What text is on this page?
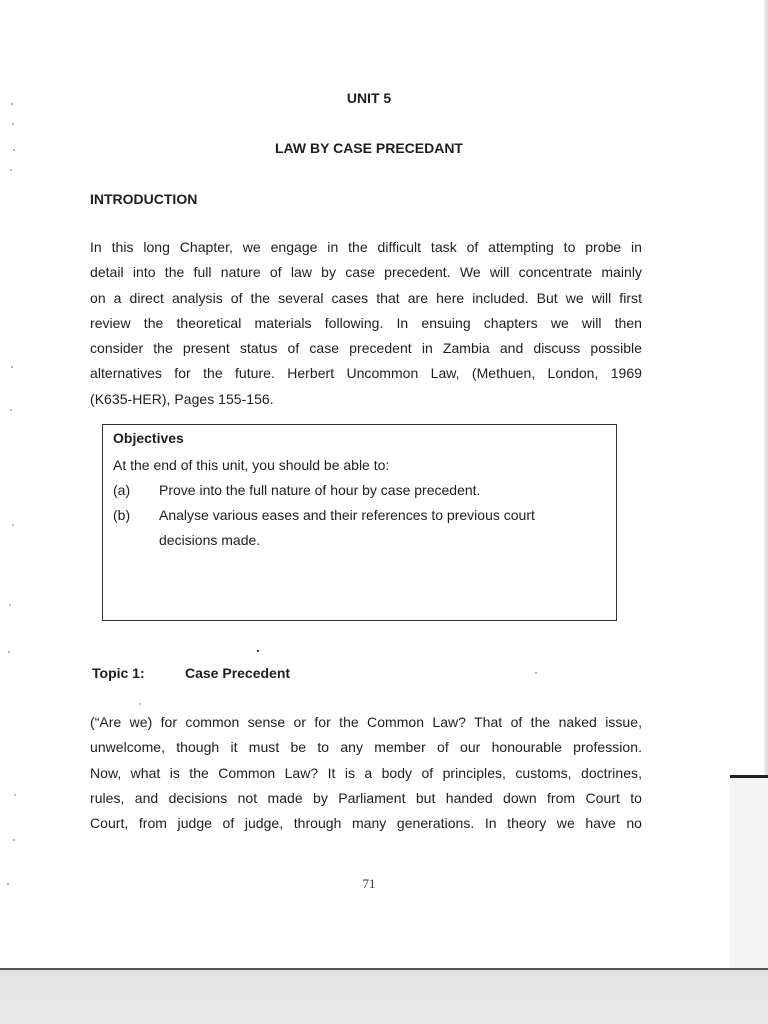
UNIT 5
LAW BY CASE PRECEDANT
INTRODUCTION

In this long Chapter, we engage in the difficult task of attempting to probe in
detail into the full nature of law by case precedent. We will concentrate mainly
on a direct analysis of the several cases that are here included. But we will first
review the theoretical materials following. In ensuing chapters we will then
consider the present status of case precedent in Zambia and discuss possible
alternatives for the future. Herbert Uncommon Law, (Methuen, London, 1969
(K635-HER), Pages 155-156.

Objectives
At the end of this unit, you should be able to:
(a)	Prove into the full nature of hour by case precedent.
(b)	Analyse various eases and their references to previous court
decisions made.
Topic 1:	Case Precedent

(“Are we) for common sense or for the Common Law? That of the naked issue,
unwelcome, though it must be to any member of our honourable profession.
Now, what is the Common Law? It is a body of principles, customs, doctrines,
rules, and decisions not made by Parliament but handed down from Court to
Court, from judge of judge, through many generations. In theory we have no

71
